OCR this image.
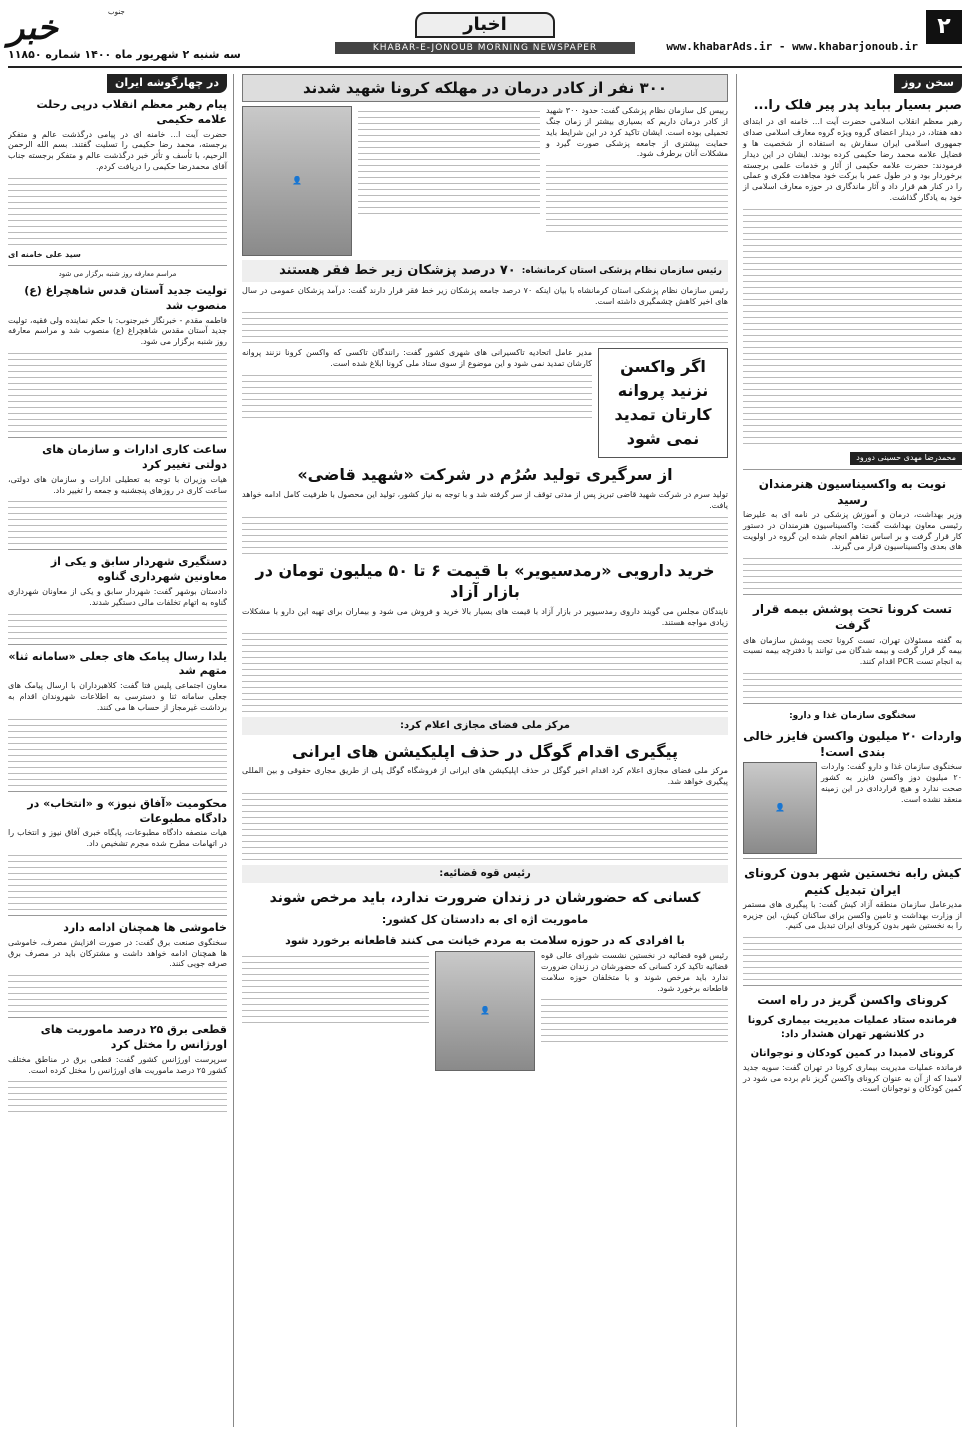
۲
www.khabarAds.ir - www.khabarjonoub.ir
اخبار
KHABAR-E-JONOUB MORNING NEWSPAPER
خبر	جنوب
سه شنبه ۲ شهریور ماه ۱۴۰۰ شماره ۱۱۸۵۰
سخن روز
صبر بسیار بباید پدر پیر فلک را...

رهبر معظم انقلاب اسلامی حضرت آیت ا... خامنه ای در ابتدای دهه هفتاد، در دیدار اعضای گروه ویژه گروه معارف اسلامی صدای جمهوری اسلامی ایران سفارش به استفاده از شخصیت ها و فضایل علامه محمد رضا حکیمی کرده بودند. ایشان در این دیدار فرمودند: حضرت علامه حکیمی از آثار و خدمات علمی برجسته برخوردار بود و در طول عمر با برکت خود مجاهدت فکری و عملی را در کنار هم قرار داد و آثار ماندگاری در حوزه معارف اسلامی از خود به یادگار گذاشت.

محمدرضا مهدی حسینی دورود
نوبت به واکسیناسیون هنرمندان رسید

وزیر بهداشت، درمان و آموزش پزشکی در نامه ای به علیرضا رئیسی معاون بهداشت گفت: واکسیناسیون هنرمندان در دستور کار قرار گرفت و بر اساس تفاهم انجام شده این گروه در اولویت های بعدی واکسیناسیون قرار می گیرند.

تست کرونا تحت پوشش بیمه قرار گرفت

به گفته مسئولان تهران، تست کرونا تحت پوشش سازمان های بیمه گر قرار گرفت و بیمه شدگان می توانند با دفترچه بیمه نسبت به انجام تست PCR اقدام کنند.

سخنگوی سازمان غذا و دارو:
واردات ۲۰ میلیون واکسن فایزر خالی بندی است!

سخنگوی سازمان غذا و دارو گفت: واردات ۲۰ میلیون دوز واکسن فایزر به کشور صحت ندارد و هیچ قراردادی در این زمینه منعقد نشده است.

👤
کیش رابه نخستین شهر بدون کرونای ایران تبدیل کنیم

مدیرعامل سازمان منطقه آزاد کیش گفت: با پیگیری های مستمر از وزارت بهداشت و تامین واکسن برای ساکنان کیش، این جزیره را به نخستین شهر بدون کرونای ایران تبدیل می کنیم.

کرونای واکسن گریز در راه است
فرمانده ستاد عملیات مدیریت بیماری کرونا در کلانشهر تهران هشدار داد:
کرونای لامبدا در کمین کودکان و نوجوانان

فرمانده عملیات مدیریت بیماری کرونا در تهران گفت: سویه جدید لامبدا که از آن به عنوان کرونای واکسن گریز نام برده می شود در کمین کودکان و نوجوانان است.

۳۰۰ نفر از کادر درمان در مهلکه کرونا شهید شدند

رییس کل سازمان نظام پزشکی گفت: حدود ۳۰۰ شهید از کادر درمان داریم که بسیاری بیشتر از زمان جنگ تحمیلی بوده است. ایشان تاکید کرد در این شرایط باید حمایت بیشتری از جامعه پزشکی صورت گیرد و مشکلات آنان برطرف شود.

👤
رئیس سازمان نظام پزشکی استان کرمانشاه:
۷۰ درصد پزشکان زیر خط فقر هستند

رئیس سازمان نظام پزشکی استان کرمانشاه با بیان اینکه ۷۰ درصد جامعه پزشکان زیر خط فقر قرار دارند گفت: درآمد پزشکان عمومی در سال های اخیر کاهش چشمگیری داشته است.

اگر واکسن نزنید پروانه کارتان تمدید نمی شود

مدیر عامل اتحادیه تاکسیرانی های شهری کشور گفت: رانندگان تاکسی که واکسن کرونا نزنند پروانه کارشان تمدید نمی شود و این موضوع از سوی ستاد ملی کرونا ابلاغ شده است.

از سرگیری تولید سُرُم در شرکت «شهید قاضی»

تولید سرم در شرکت شهید قاضی تبریز پس از مدتی توقف از سر گرفته شد و با توجه به نیاز کشور، تولید این محصول با ظرفیت کامل ادامه خواهد یافت.

خرید دارویی «رمدسیویر» با قیمت ۶ تا ۵۰ میلیون تومان در بازار آزاد

نایندگان مجلس می گویند داروی رمدسیویر در بازار آزاد با قیمت های بسیار بالا خرید و فروش می شود و بیماران برای تهیه این دارو با مشکلات زیادی مواجه هستند.

مرکز ملی فضای مجازی اعلام کرد:
پیگیری اقدام گوگل در حذف اپلیکیشن های ایرانی

مرکز ملی فضای مجازی اعلام کرد اقدام اخیر گوگل در حذف اپلیکیشن های ایرانی از فروشگاه گوگل پلی از طریق مجاری حقوقی و بین المللی پیگیری خواهد شد.

رئیس قوه قضائیه:
کسانی که حضورشان در زندان ضرورت ندارد، باید مرخص شوند
ماموریت اژه ای به دادستان کل کشور:
با افرادی که در حوزه سلامت به مردم خیانت می کنند قاطعانه برخورد شود

رئیس قوه قضائیه در نخستین نشست شورای عالی قوه قضائیه تاکید کرد کسانی که حضورشان در زندان ضرورت ندارد باید مرخص شوند و با متخلفان حوزه سلامت قاطعانه برخورد شود.

👤
در چهارگوشه ایران
پیام رهبر معظم انقلاب درپی رحلت علامه حکیمی

حضرت آیت ا... خامنه ای در پیامی درگذشت عالم و متفکر برجسته، محمد رضا حکیمی را تسلیت گفتند. بسم الله الرحمن الرحیم، با تأسف و تأثر خبر درگذشت عالم و متفکر برجسته جناب آقای محمدرضا حکیمی را دریافت کردم.

سید علی خامنه ای

مراسم معارفه روز شنبه برگزار می شود

تولیت جدید آستان قدس شاهچراغ (ع) منصوب شد

فاطمه مقدم - خبرنگار خبرجنوب: با حکم نماینده ولی فقیه، تولیت جدید آستان مقدس شاهچراغ (ع) منصوب شد و مراسم معارفه روز شنبه برگزار می شود.

ساعت کاری ادارات و سازمان های دولتی تغییر کرد

هیات وزیران با توجه به تعطیلی ادارات و سازمان های دولتی، ساعت کاری در روزهای پنجشنبه و جمعه را تغییر داد.

دستگیری شهردار سابق و یکی از معاونین شهرداری گناوه

دادستان بوشهر گفت: شهردار سابق و یکی از معاونان شهرداری گناوه به اتهام تخلفات مالی دستگیر شدند.

یلدا رسال پیامک های جعلی «سامانه ثنا» متهم شد

معاون اجتماعی پلیس فتا گفت: کلاهبرداران با ارسال پیامک های جعلی سامانه ثنا و دسترسی به اطلاعات شهروندان اقدام به برداشت غیرمجاز از حساب ها می کنند.

محکومیت «آفاق نیوز» و «انتخاب» در دادگاه مطبوعات

هیات منصفه دادگاه مطبوعات، پایگاه خبری آفاق نیوز و انتخاب را در اتهامات مطرح شده مجرم تشخیص داد.

خاموشی ها همچنان ادامه دارد

سخنگوی صنعت برق گفت: در صورت افزایش مصرف، خاموشی ها همچنان ادامه خواهد داشت و مشترکان باید در مصرف برق صرفه جویی کنند.

قطعی برق ۲۵ درصد ماموریت های اورژانس را مختل کرد

سرپرست اورژانس کشور گفت: قطعی برق در مناطق مختلف کشور ۲۵ درصد ماموریت های اورژانس را مختل کرده است.
